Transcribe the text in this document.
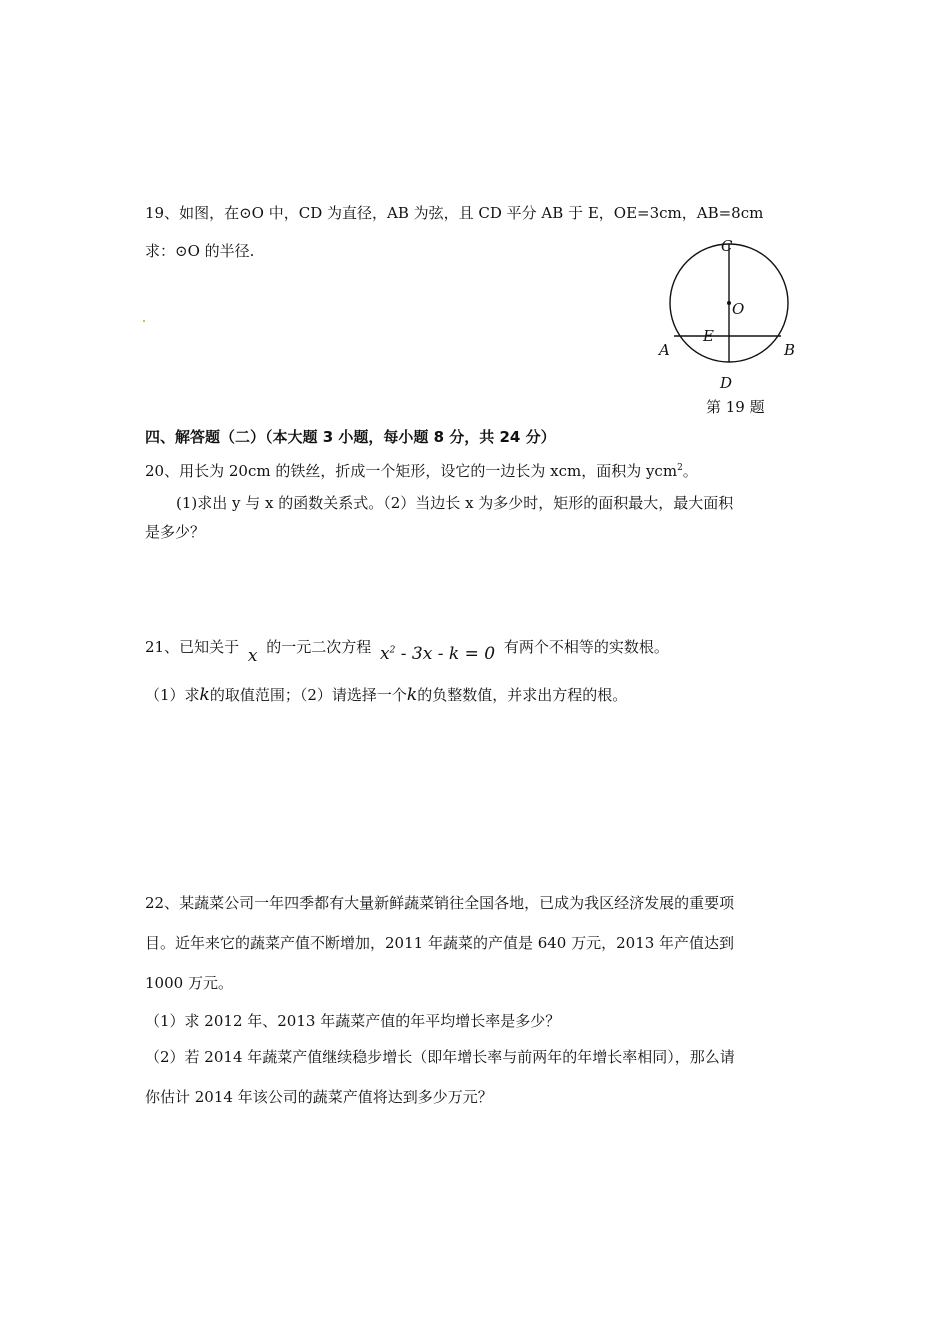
19、如图，在⊙O 中，CD 为直径，AB 为弦，且 CD 平分 AB 于 E，OE=3cm，AB=8cm
求：⊙O 的半径.	C
O
E
A	B
D
第 19 题
四、解答题（二）（本大题 3 小题，每小题 8 分，共 24 分）
20、用长为 20cm 的铁丝，折成一个矩形，设它的一边长为 xcm，面积为 ycm$^2$。
(1)求出 y 与 x 的函数关系式。（2）当边长 x 为多少时，矩形的面积最大，最大面积
是多少？
21、已知关于 x 的一元二次方程 $x^2 - 3x - k = 0$ 有两个不相等的实数根。
（1）求k的取值范围；（2）请选择一个k的负整数值，并求出方程的根。
22、某蔬菜公司一年四季都有大量新鲜蔬菜销往全国各地，已成为我区经济发展的重要项
目。近年来它的蔬菜产值不断增加，2011 年蔬菜的产值是 640 万元，2013 年产值达到
1000 万元。
（1）求 2012 年、2013 年蔬菜产值的年平均增长率是多少？
（2）若 2014 年蔬菜产值继续稳步增长（即年增长率与前两年的年增长率相同），那么请
你估计 2014 年该公司的蔬菜产值将达到多少万元？
